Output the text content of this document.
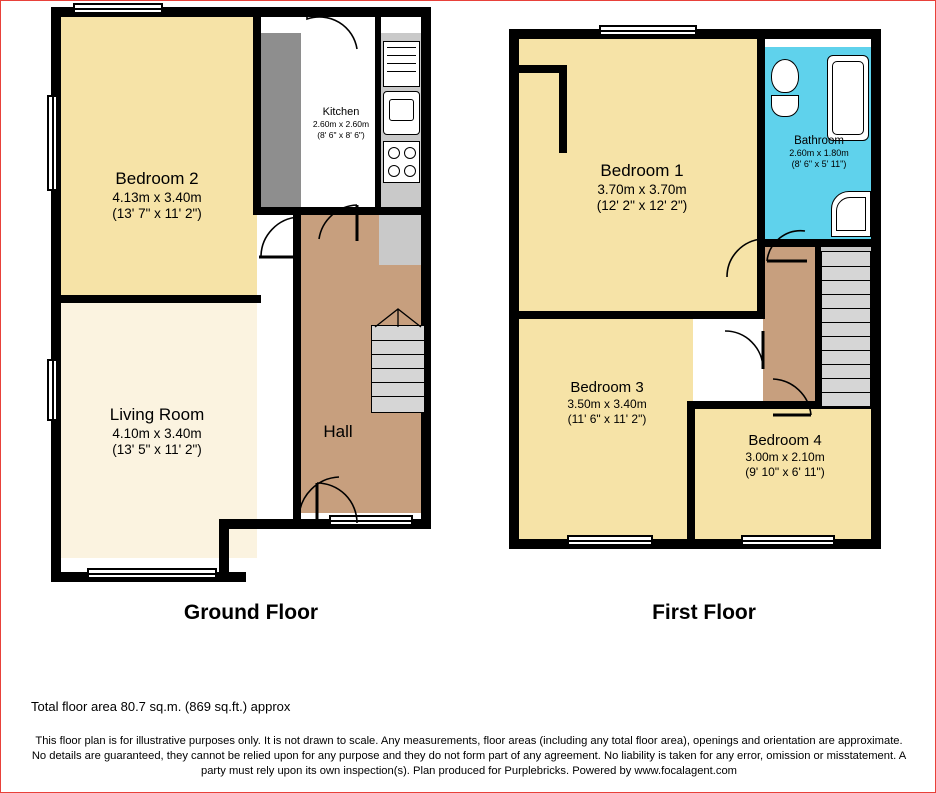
Bedroom 2
4.13m x 3.40m
(13' 7" x 11' 2")
Living Room
4.10m x 3.40m
(13' 5" x 11' 2")
Kitchen
2.60m x 2.60m
(8' 6" x 8' 6")
Hall
Ground Floor
Bedroom 1
3.70m x 3.70m
(12' 2" x 12' 2")
Bedroom 3
3.50m x 3.40m
(11' 6" x 11' 2")
Bedroom 4
3.00m x 2.10m
(9' 10" x 6' 11")
Bathroom
2.60m x 1.80m
(8' 6" x 5' 11")
First Floor
Total floor area 80.7 sq.m. (869 sq.ft.) approx
This floor plan is for illustrative purposes only. It is not drawn to scale. Any measurements, floor areas (including any total floor area), openings and orientation are approximate. No details are guaranteed, they cannot be relied upon for any purpose and they do not form part of any agreement. No liability is taken for any error, omission or misstatement. A party must rely upon its own inspection(s). Plan produced for Purplebricks. Powered by www.focalagent.com
